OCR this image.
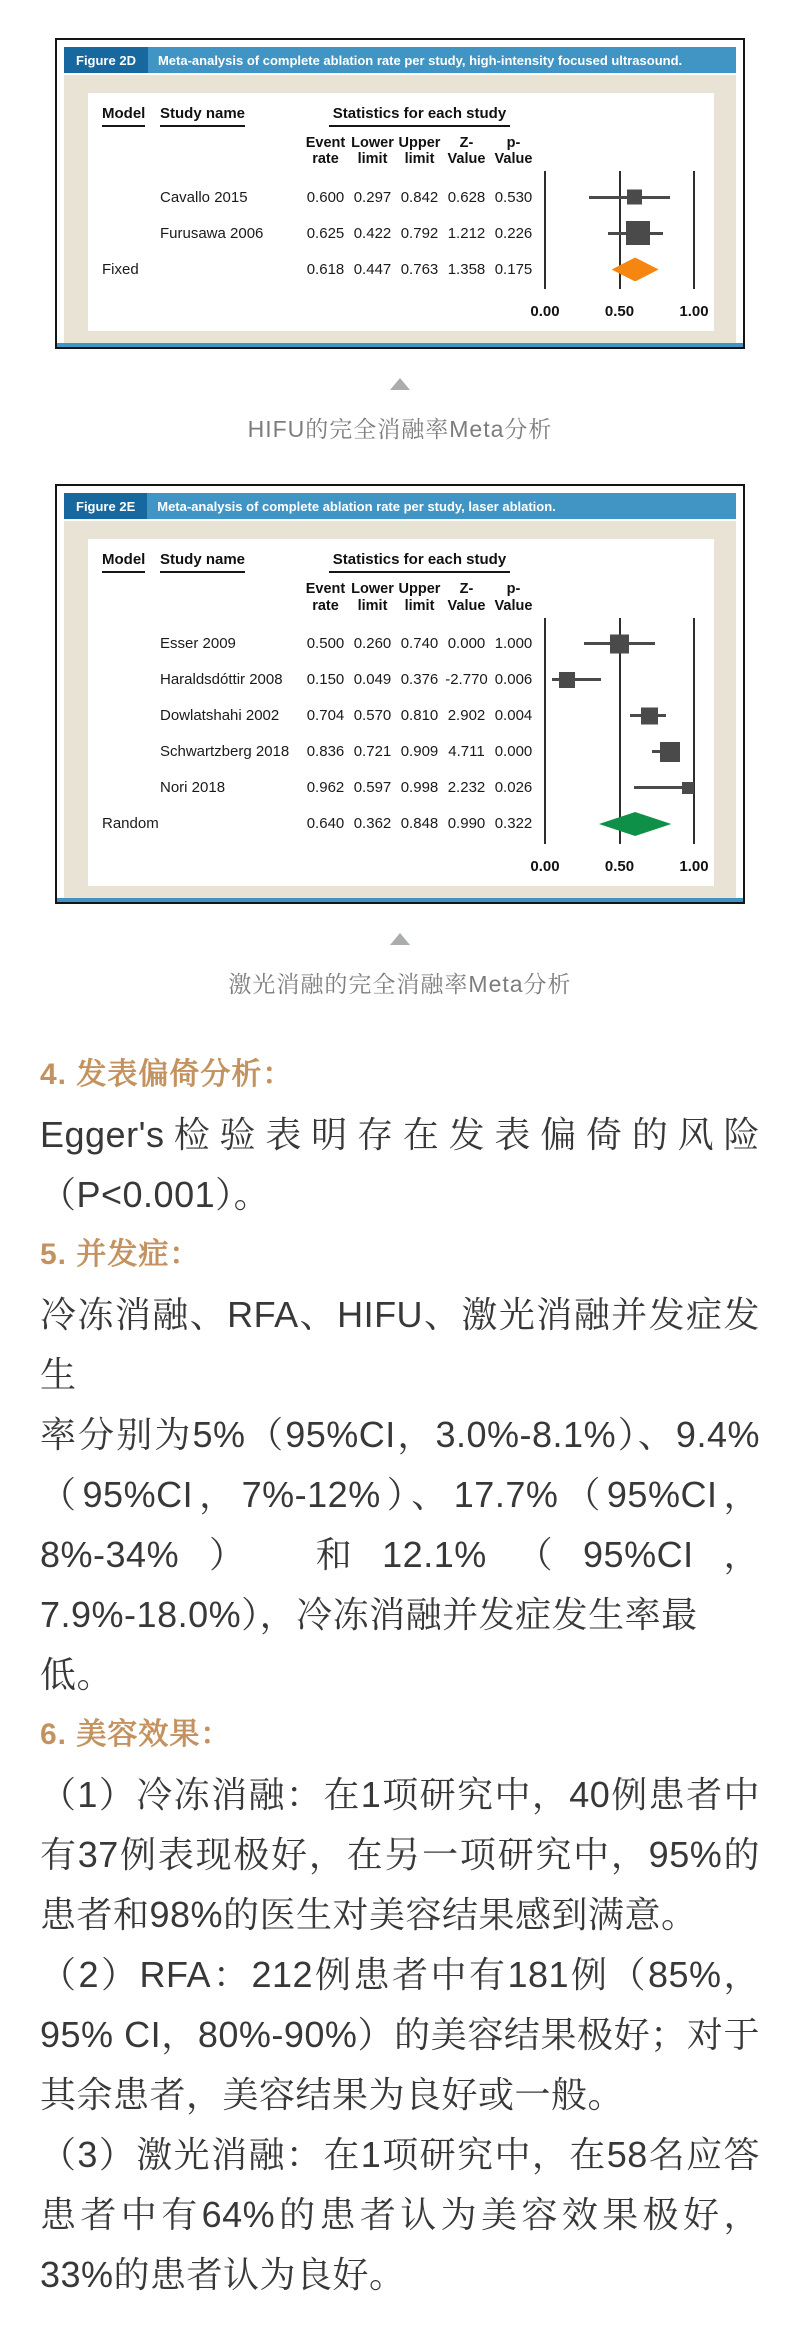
Figure 2D	Meta-analysis of complete ablation rate per study, high-intensity focused ultrasound.
Model Study name	Statistics for each study
Event
rate
Lower
limit
Upper
limit
Z-Value
p-Value
Cavallo 2015	0.600 0.297 0.842 0.628 0.530
Furusawa 2006	0.625 0.422 0.792 1.212 0.226
Fixed	0.618 0.447 0.763 1.358 0.175
0.00	0.50	1.00
HIFU的完全消融率Meta分析
Figure 2E	Meta-analysis of complete ablation rate per study, laser ablation.
Model Study name	Statistics for each study
Event
rate
Lower
limit
Upper
limit
Z-Value
p-Value
Esser 2009	0.500 0.260 0.740 0.000 1.000
Haraldsdóttir 2008	0.150 0.049 0.376 -2.770 0.006
Dowlatshahi 2002	0.704 0.570 0.810 2.902 0.004
Schwartzberg 2018	0.836 0.721 0.909 4.711 0.000
Nori 2018	0.962 0.597 0.998 2.232 0.026
Random	0.640 0.362 0.848 0.990 0.322
0.00	0.50	1.00
激光消融的完全消融率Meta分析
4. 发表偏倚分析：
Egger's检验表明存在发表偏倚的风险
（P<0.001）。
5. 并发症：
冷冻消融、RFA、HIFU、激光消融并发症发生
率分别为5%（95%CI，3.0%-8.1%）、9.4%
（95%CI，7%-12%）、17.7%（95%CI，
8%-34%） 和12.1%（95%CI，
7.9%-18.0%），冷冻消融并发症发生率最低。
6. 美容效果：
（1）冷冻消融：在1项研究中，40例患者中
有37例表现极好，在另一项研究中，95%的
患者和98%的医生对美容结果感到满意。
（2）RFA：212例患者中有181例（85%，
95% CI，80%-90%）的美容结果极好；对于
其余患者，美容结果为良好或一般。
（3）激光消融：在1项研究中，在58名应答
患者中有64%的患者认为美容效果极好，
33%的患者认为良好。
